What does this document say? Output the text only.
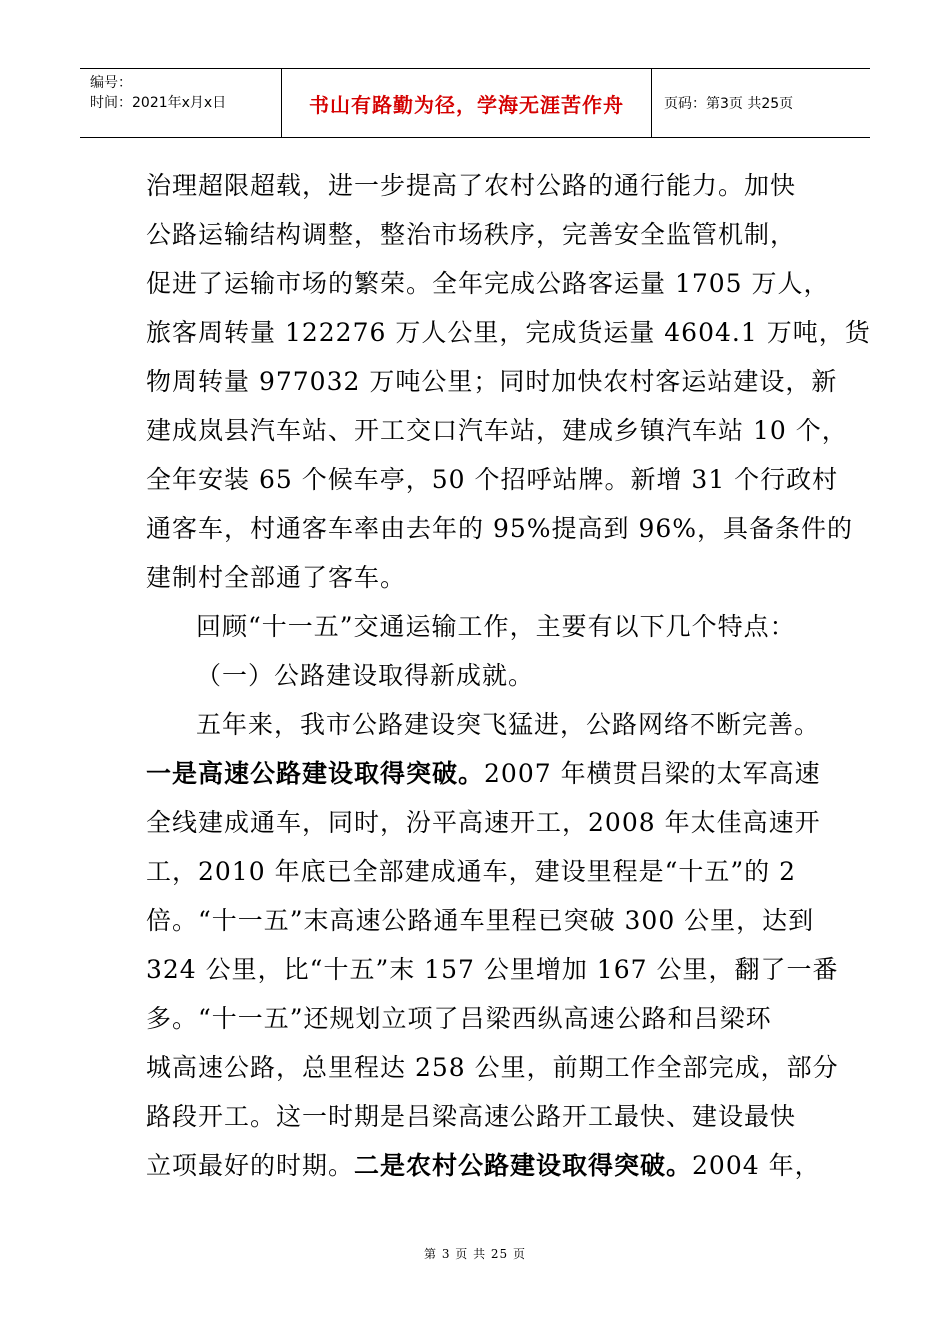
编号：
时间：2021年x月x日	书山有路勤为径，学海无涯苦作舟	页码：第3页 共25页
治理超限超载，进一步提高了农村公路的通行能力。加快
公路运输结构调整，整治市场秩序，完善安全监管机制，
促进了运输市场的繁荣。全年完成公路客运量 1705 万人，
旅客周转量 122276 万人公里，完成货运量 4604.1 万吨，货
物周转量 977032 万吨公里；同时加快农村客运站建设，新
建成岚县汽车站、开工交口汽车站，建成乡镇汽车站 10 个，
全年安装 65 个候车亭，50 个招呼站牌。新增 31 个行政村
通客车，村通客车率由去年的 95%提高到 96%，具备条件的
建制村全部通了客车。
回顾“十一五”交通运输工作，主要有以下几个特点：
（一）公路建设取得新成就。
五年来，我市公路建设突飞猛进，公路网络不断完善。
一是高速公路建设取得突破。2007 年横贯吕梁的太军高速
全线建成通车，同时，汾平高速开工，2008 年太佳高速开
工，2010 年底已全部建成通车，建设里程是“十五”的 2
倍。“十一五”末高速公路通车里程已突破 300 公里，达到
324 公里，比“十五”末 157 公里增加 167 公里，翻了一番
多。“十一五”还规划立项了吕梁西纵高速公路和吕梁环
城高速公路，总里程达 258 公里，前期工作全部完成，部分
路段开工。这一时期是吕梁高速公路开工最快、建设最快
立项最好的时期。二是农村公路建设取得突破。2004 年，
第 3 页 共 25 页
